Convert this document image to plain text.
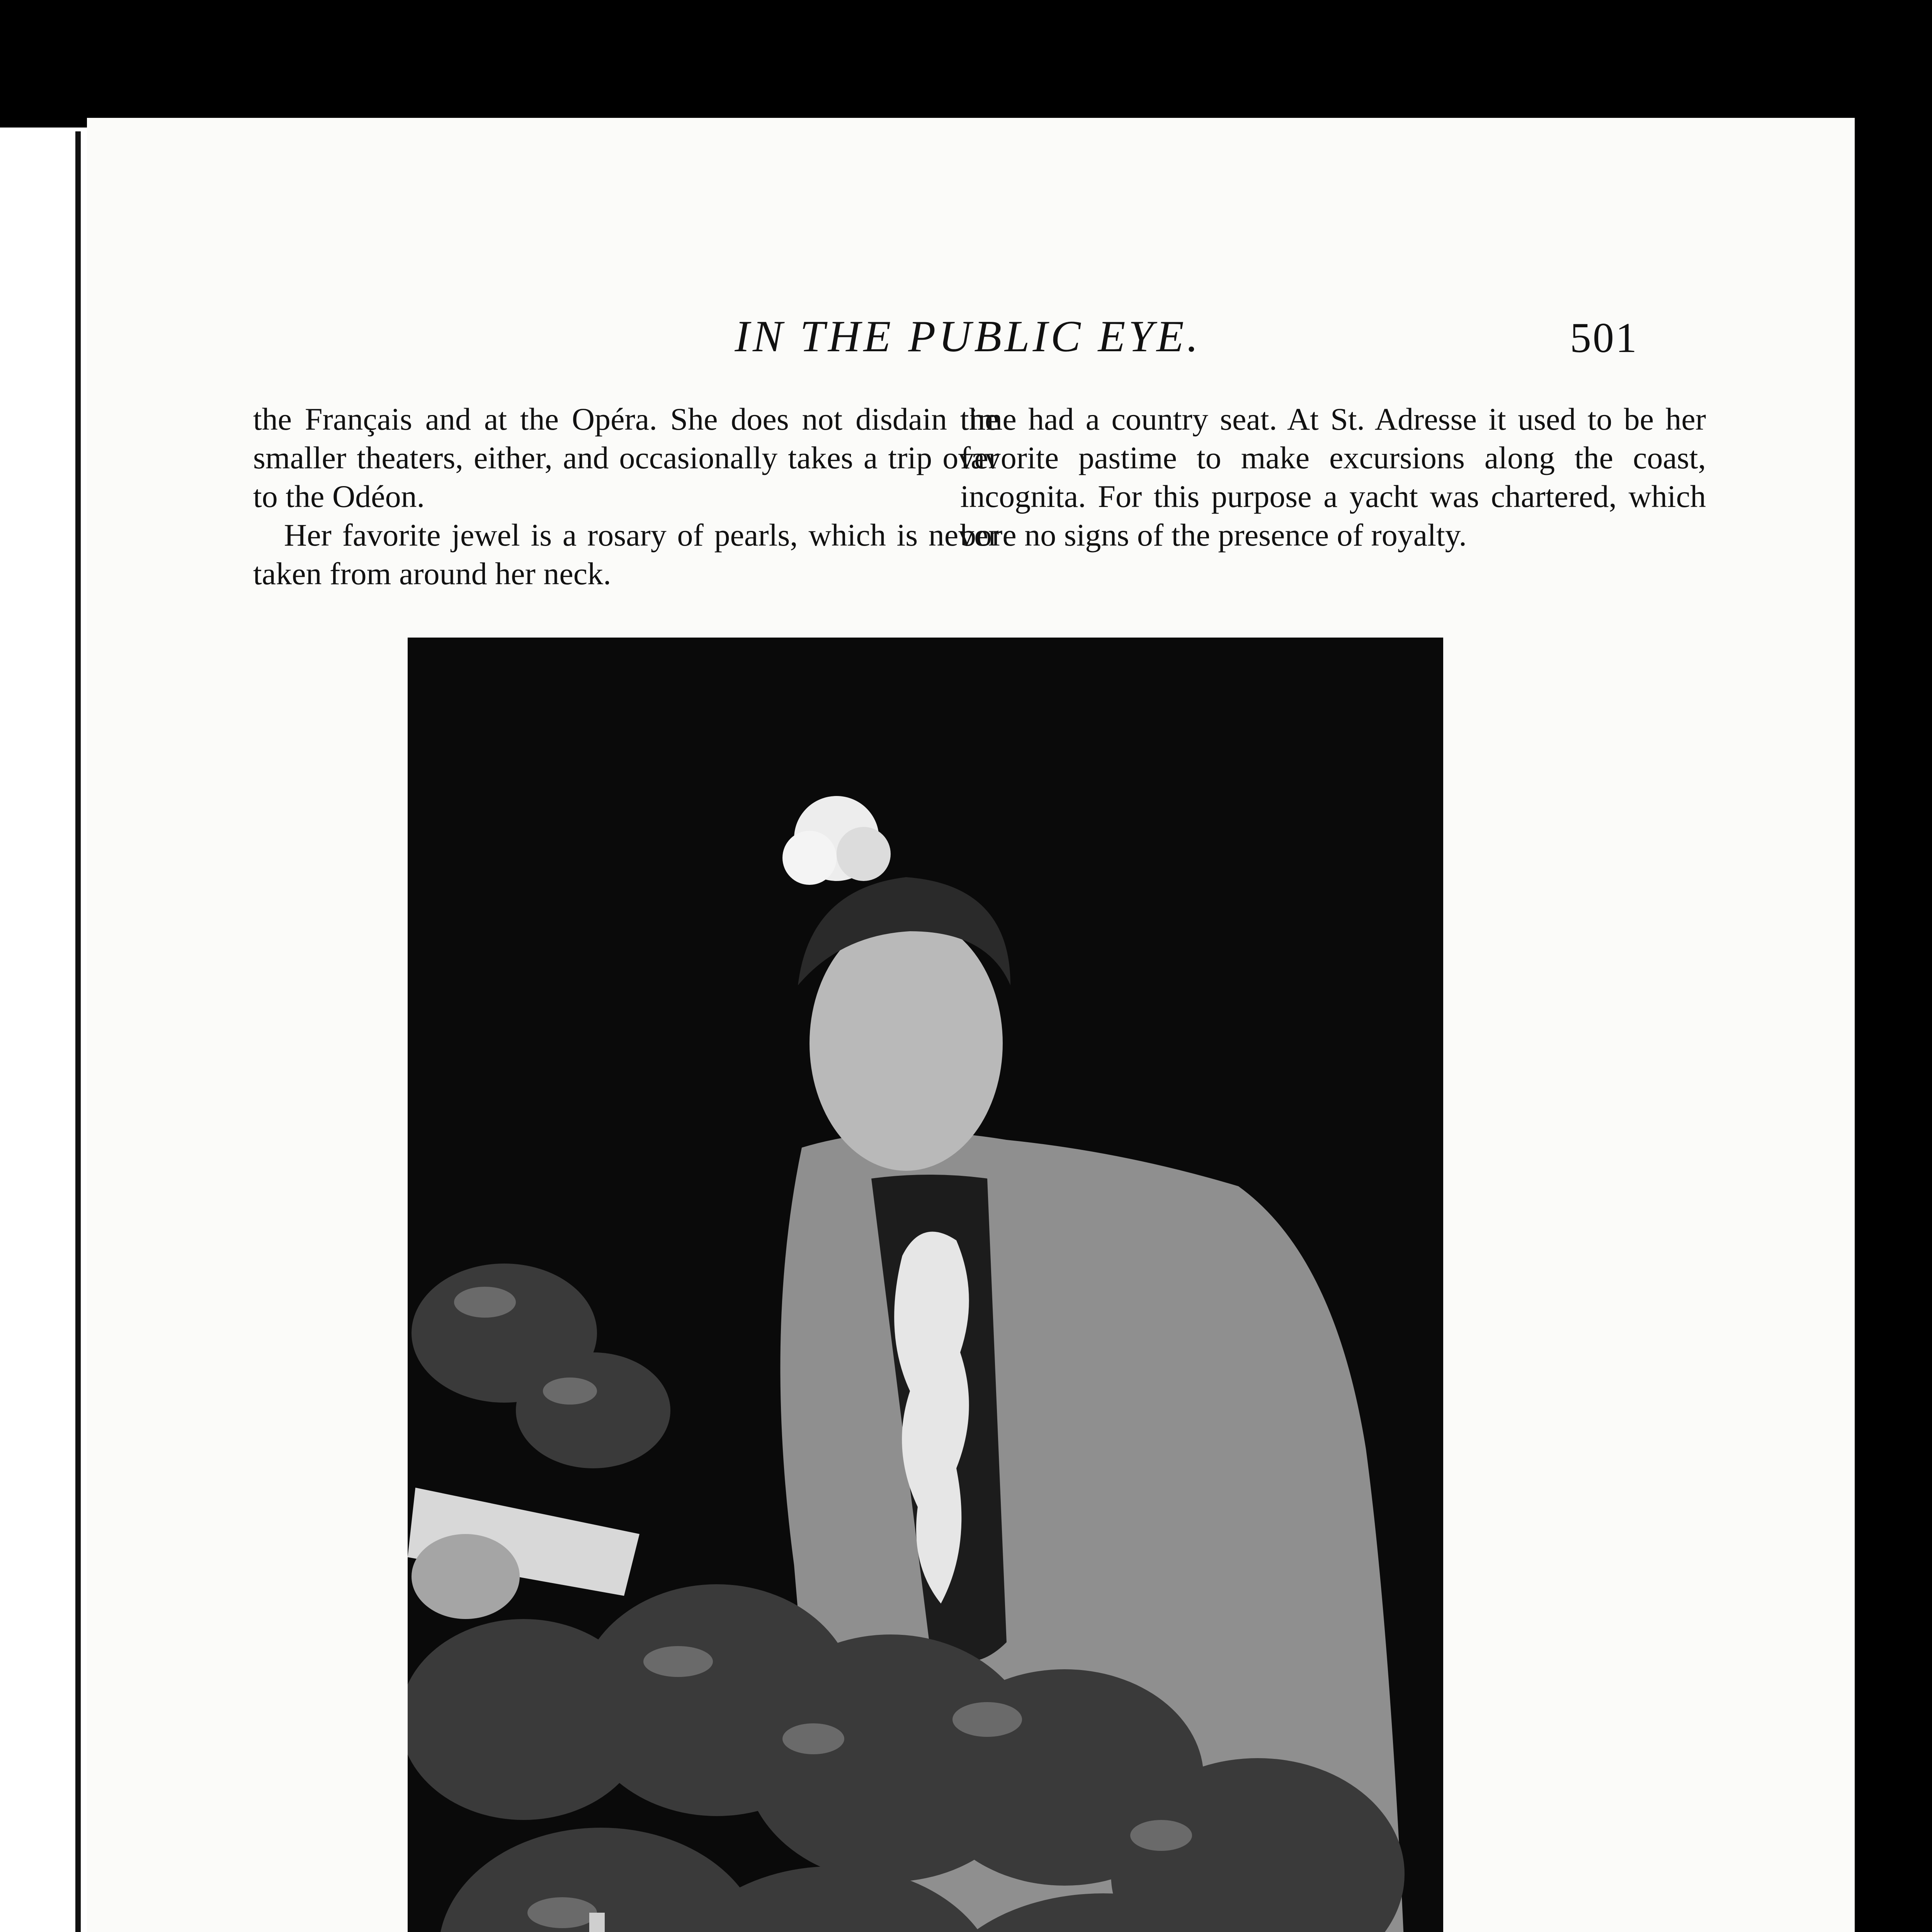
IN THE PUBLIC EYE.	501

the Français and at the Opéra. She does not disdain the smaller theaters, either, and occasionally takes a trip over to the Odéon.

Her favorite jewel is a rosary of pearls, which is never taken from around her neck.

time had a country seat. At St. Adresse it used to be her favorite pastime to make excursions along the coast, incognita. For this purpose a yacht was chartered, which bore no signs of the presence of royalty.
